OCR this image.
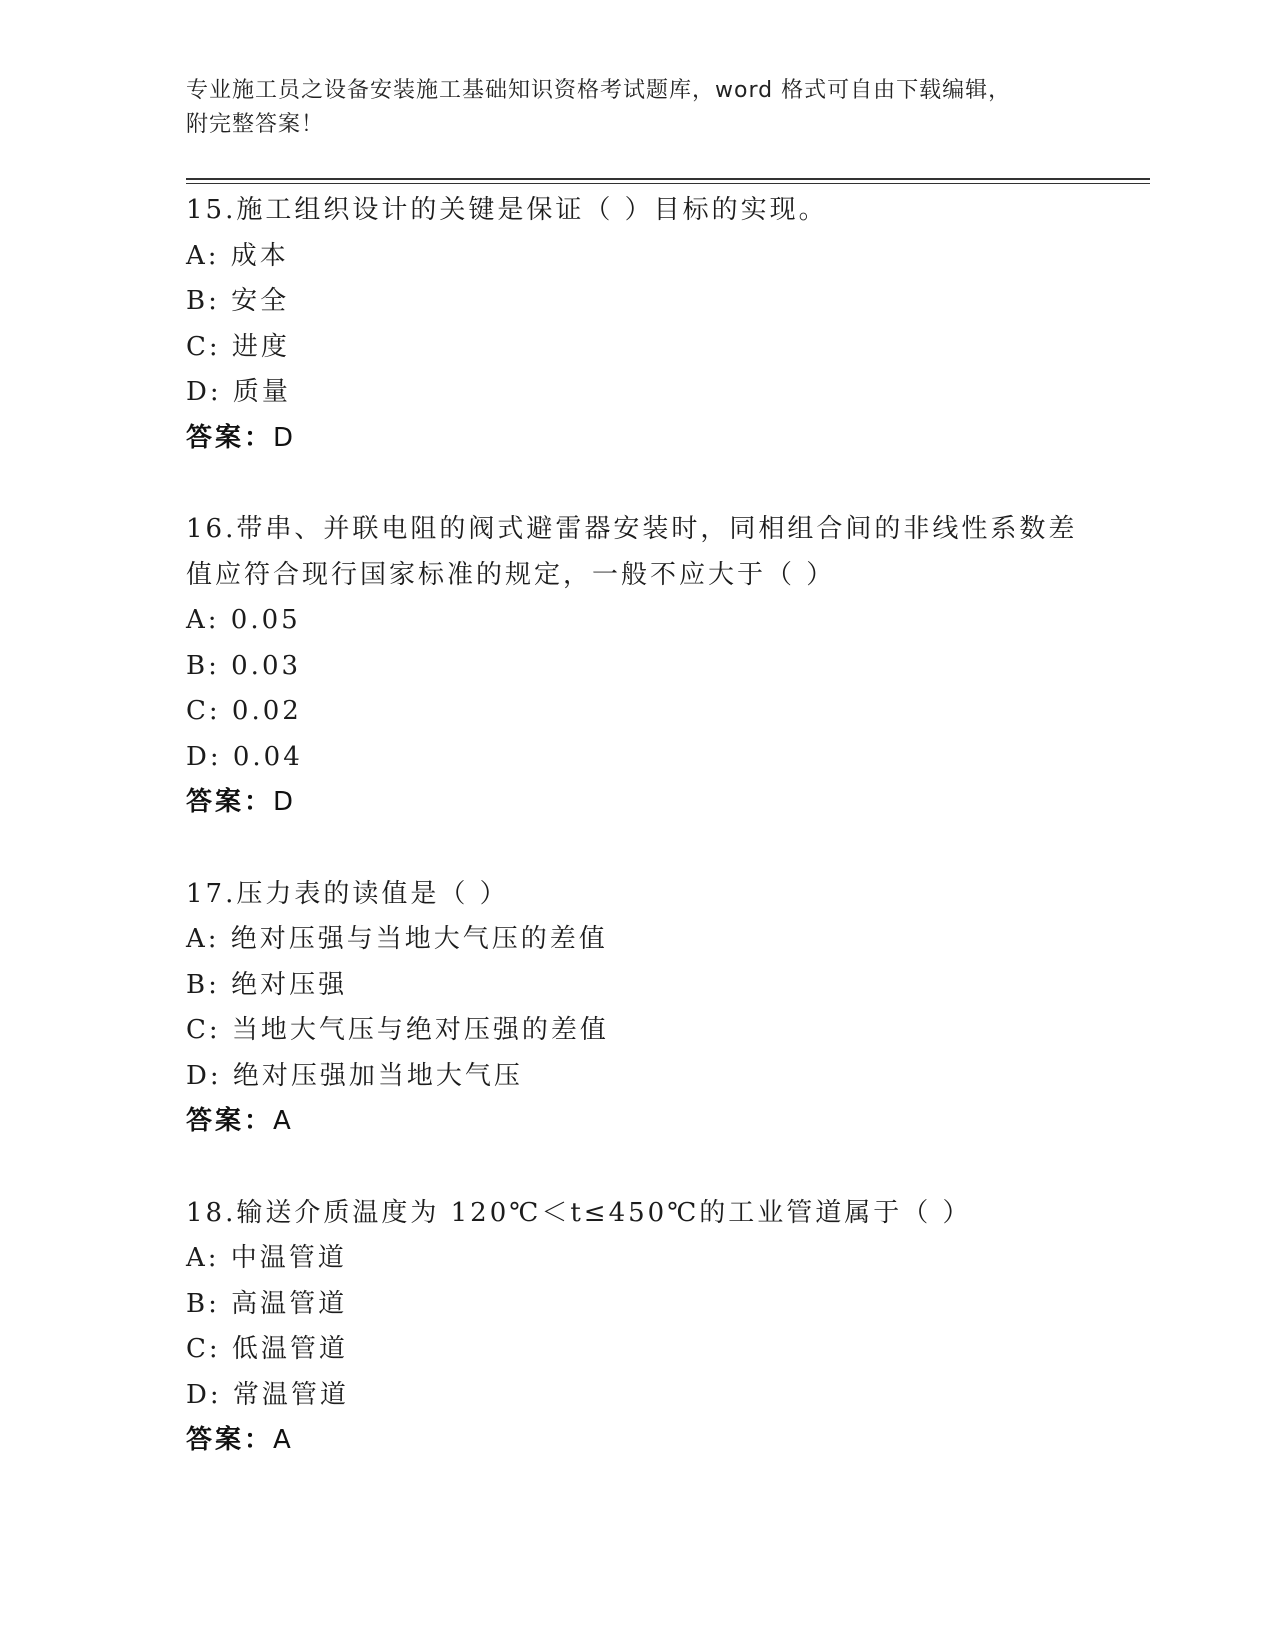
专业施工员之设备安装施工基础知识资格考试题库，word 格式可自由下载编辑，
附完整答案！
15.施工组织设计的关键是保证（ ）目标的实现。
A: 成本
B: 安全
C: 进度
D: 质量
答案：D
16.带串、并联电阻的阀式避雷器安装时，同相组合间的非线性系数差值应符合现行国家标准的规定，一般不应大于（ ）
A: 0.05
B: 0.03
C: 0.02
D: 0.04
答案：D
17.压力表的读值是（ ）
A: 绝对压强与当地大气压的差值
B: 绝对压强
C: 当地大气压与绝对压强的差值
D: 绝对压强加当地大气压
答案：A
18.输送介质温度为 120℃＜t≤450℃的工业管道属于（ ）
A: 中温管道
B: 高温管道
C: 低温管道
D: 常温管道
答案：A
